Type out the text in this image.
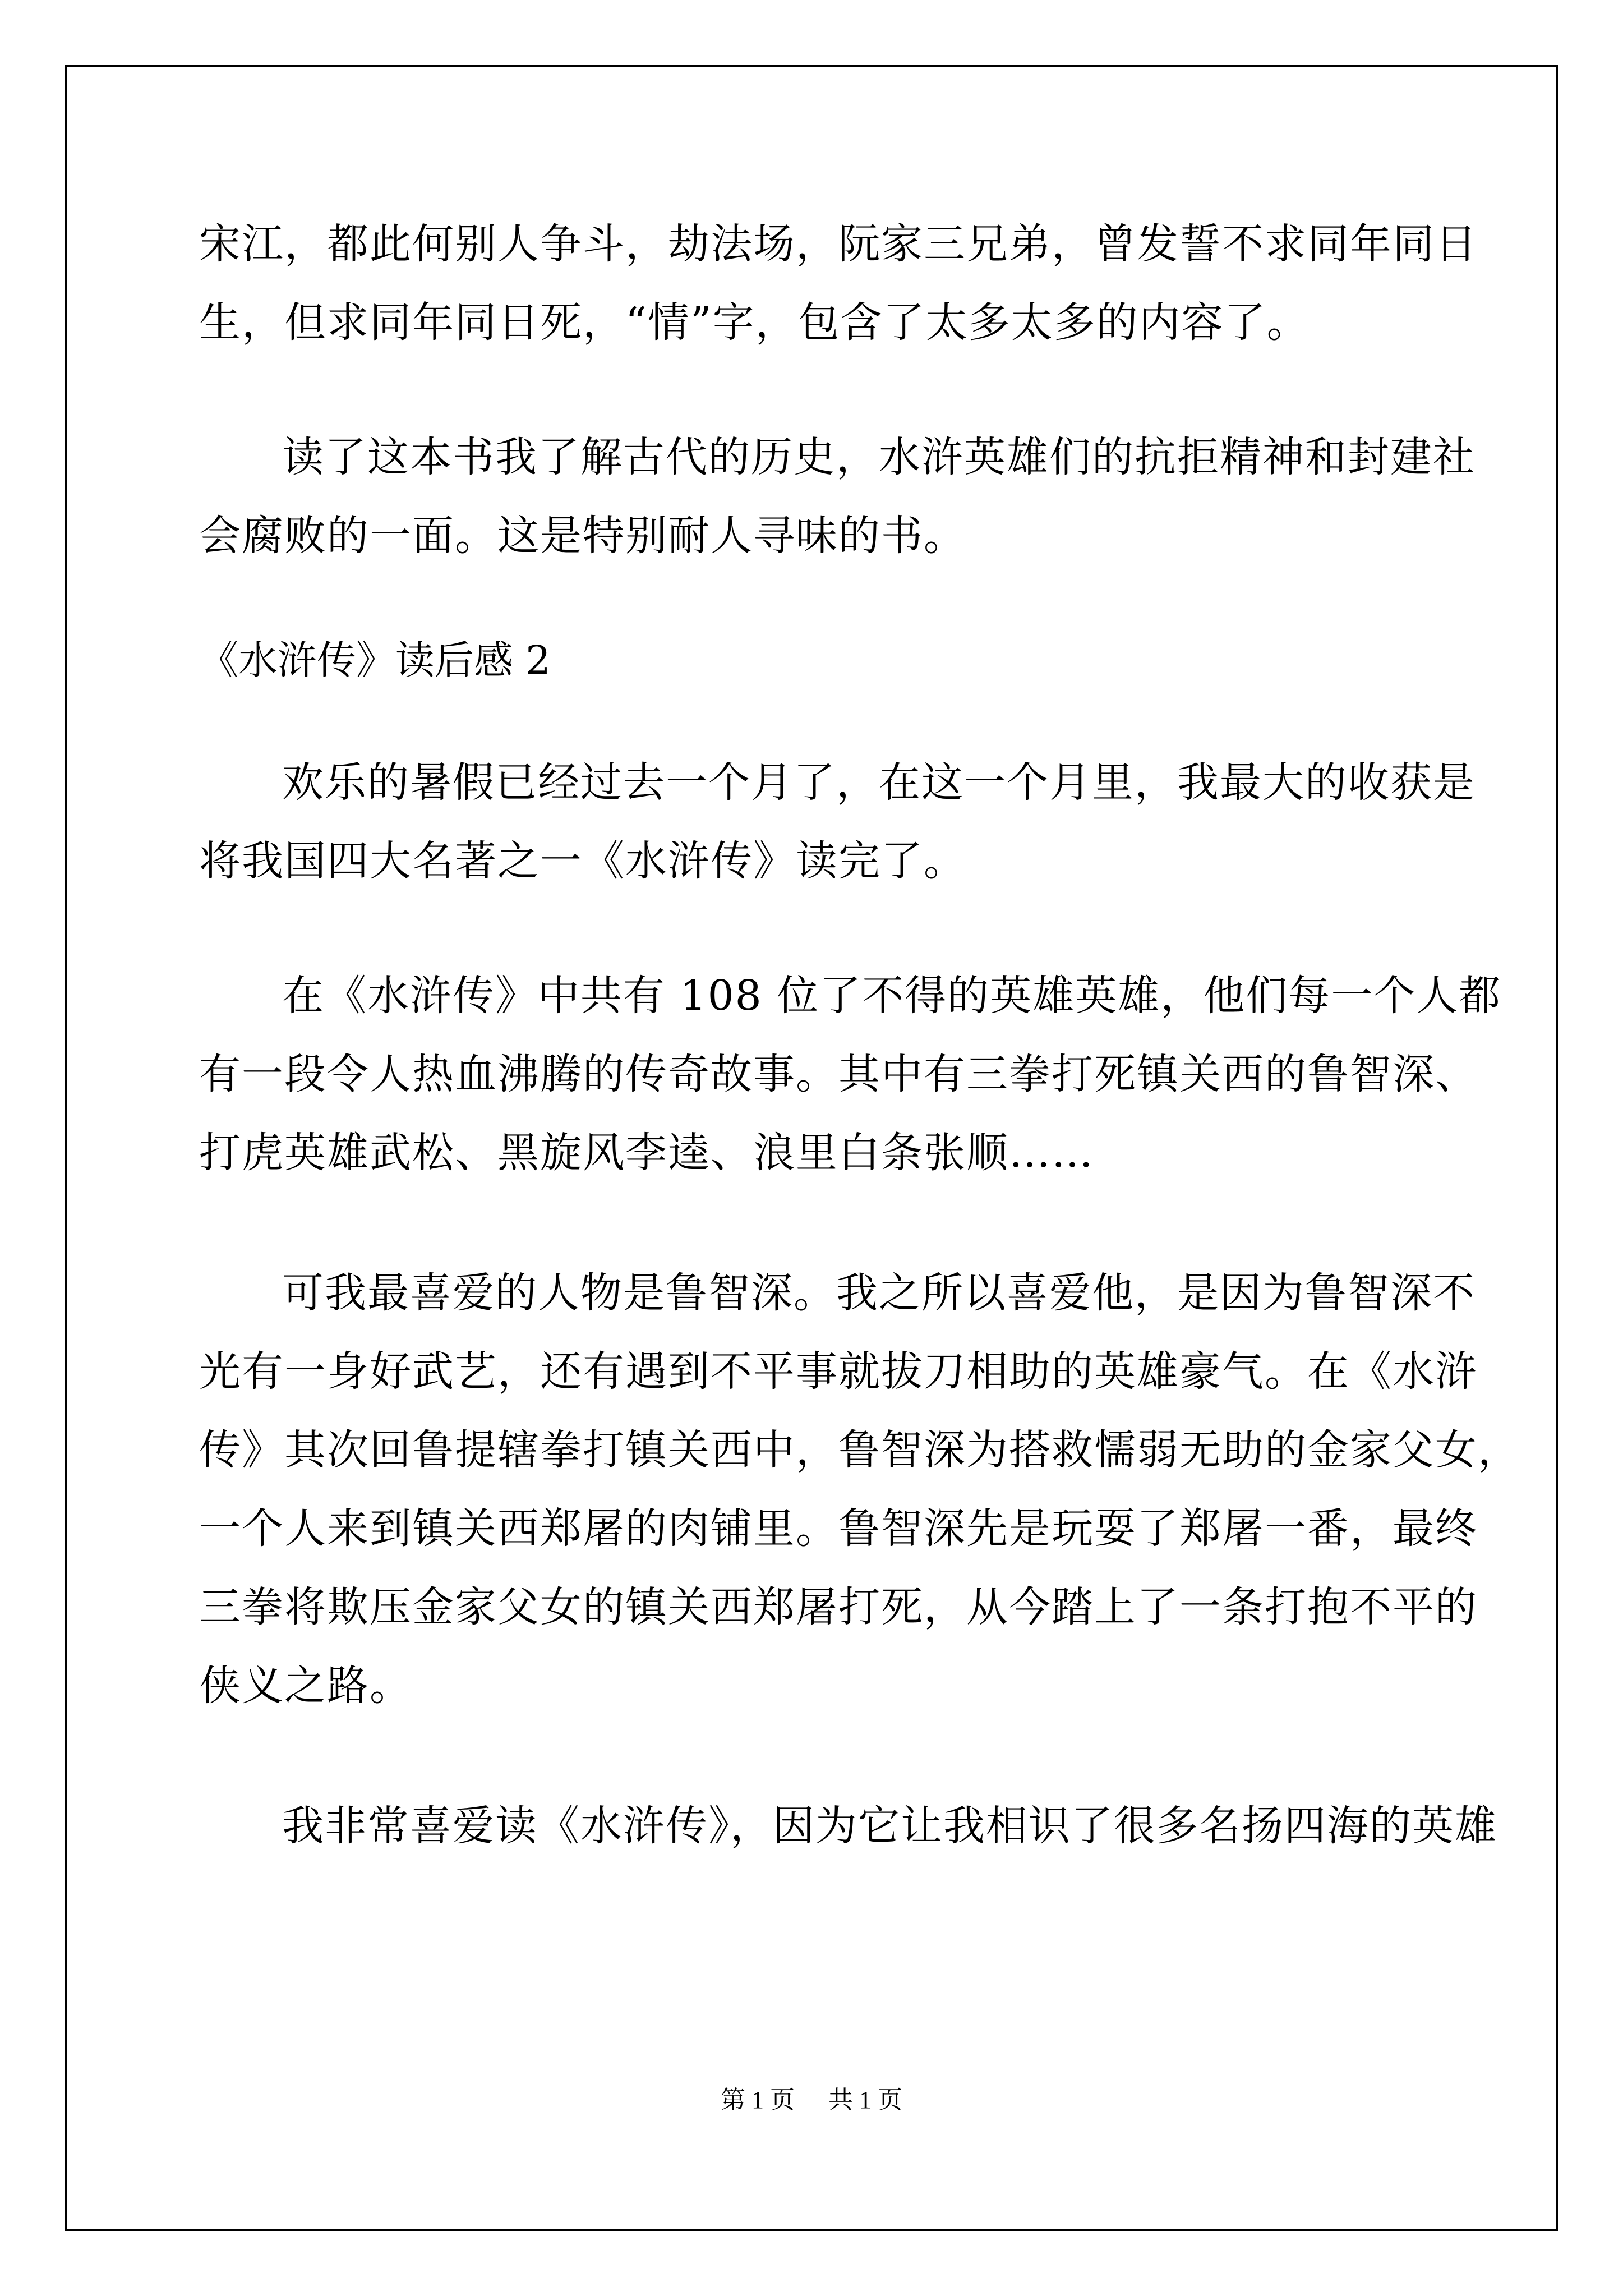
宋江，都此何别人争斗，劫法场，阮家三兄弟，曾发誓不求同年同日
生，但求同年同日死，“情”字，包含了太多太多的内容了。
读了这本书我了解古代的历史，水浒英雄们的抗拒精神和封建社
会腐败的一面。这是特别耐人寻味的书。
《水浒传》读后感 2
欢乐的暑假已经过去一个月了，在这一个月里，我最大的收获是
将我国四大名著之一《水浒传》读完了。
在《水浒传》中共有 108 位了不得的英雄英雄，他们每一个人都
有一段令人热血沸腾的传奇故事。其中有三拳打死镇关西的鲁智深、
打虎英雄武松、黑旋风李逵、浪里白条张顺……
可我最喜爱的人物是鲁智深。我之所以喜爱他，是因为鲁智深不
光有一身好武艺，还有遇到不平事就拔刀相助的英雄豪气。在《水浒
传》其次回鲁提辖拳打镇关西中，鲁智深为搭救懦弱无助的金家父女，
一个人来到镇关西郑屠的肉铺里。鲁智深先是玩耍了郑屠一番，最终
三拳将欺压金家父女的镇关西郑屠打死，从今踏上了一条打抱不平的
侠义之路。
我非常喜爱读《水浒传》，因为它让我相识了很多名扬四海的英雄
第 1 页 共 1 页
